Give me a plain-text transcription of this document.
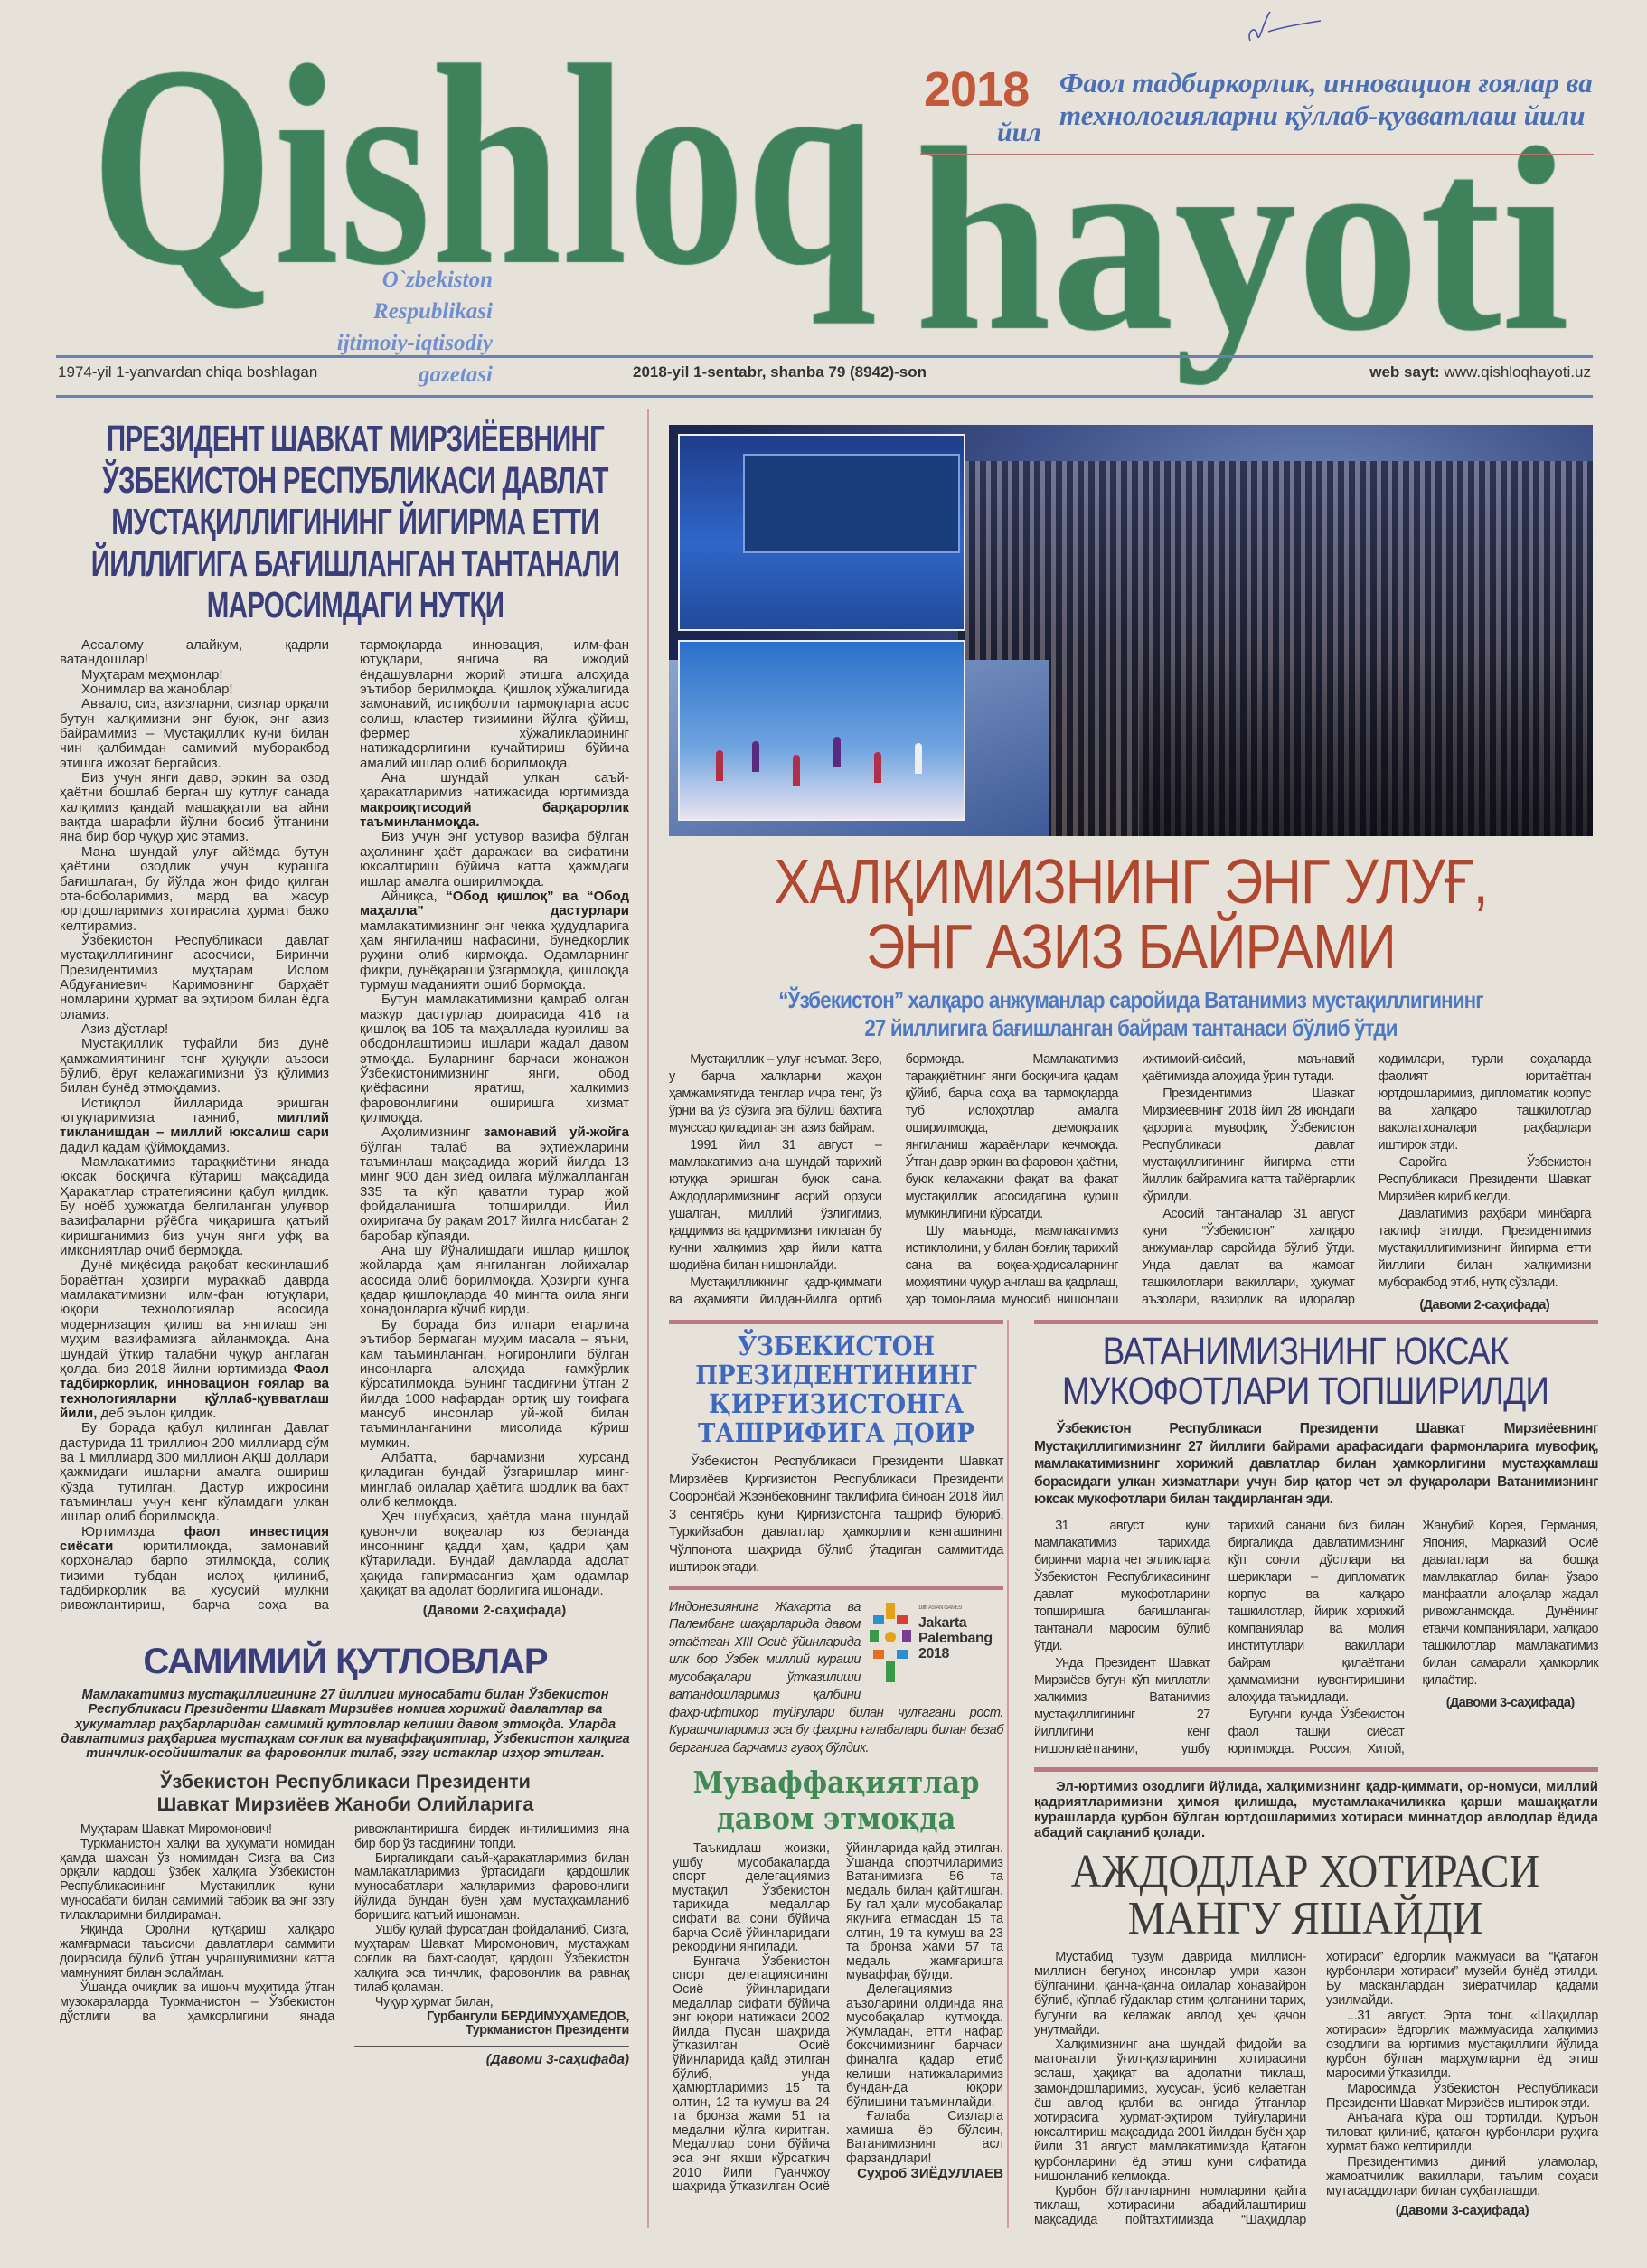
2018
йил
Фаол тадбиркорлик, инновацион ғоялар ва
технологияларни қўллаб-қувватлаш йили
O`zbekiston Respublikasi
ijtimoiy-iqtisodiy gazetasi
1974-yil 1-yanvardan chiqa boshlagan	2018-yil 1-sentabr, shanba 79 (8942)-son	web sayt: www.qishloqhayoti.uz
ПРЕЗИДЕНТ ШАВКАТ МИРЗИЁЕВНИНГ ЎЗБЕКИСТОН РЕСПУБЛИКАСИ ДАВЛАТ МУСТАҚИЛЛИГИНИНГ ЙИГИРМА ЕТТИ ЙИЛЛИГИГА БАҒИШЛАНГАН ТАНТАНАЛИ МАРОСИМДАГИ НУТҚИ

Ассалому алайкум, қадрли ватандошлар!

Муҳтарам меҳмонлар!

Хонимлар ва жаноблар!

Аввало, сиз, азизларни, сизлар орқали бутун халқимизни энг буюк, энг азиз байрамимиз – Мустақиллик куни билан чин қалбимдан самимий муборакбод этишга ижозат бергайсиз.

Биз учун янги давр, эркин ва озод ҳаётни бошлаб берган шу кутлуғ санада халқимиз қандай машаққатли ва айни вақтда шарафли йўлни босиб ўтганини яна бир бор чуқур ҳис этамиз.

Мана шундай улуғ айёмда бутун ҳаётини озодлик учун курашга бағишлаган, бу йўлда жон фидо қилган ота-боболаримиз, мард ва жасур юртдошларимиз хотирасига ҳурмат бажо келтирамиз.

Ўзбекистон Республикаси давлат мустақиллигининг асосчиси, Биринчи Президентимиз муҳтарам Ислом Абдуғаниевич Каримовнинг барҳаёт номларини ҳурмат ва эҳтиром билан ёдга оламиз.

Азиз дўстлар!

Мустақиллик туфайли биз дунё ҳамжамиятининг тенг ҳуқуқли аъзоси бўлиб, ёруғ келажагимизни ўз қўлимиз билан бунёд этмоқдамиз.

Истиқлол йилларида эришган ютуқларимизга таяниб, миллий тикланишдан – миллий юксалиш сари дадил қадам қўймоқдамиз.

Мамлакатимиз тараққиётини янада юксак босқичга кўтариш мақсадида Ҳаракатлар стратегиясини қабул қилдик. Бу ноёб ҳужжатда белгиланган улуғвор вазифаларни рўёбга чиқаришга қатъий киришганимиз биз учун янги уфқ ва имкониятлар очиб бермоқда.

Дунё миқёсида рақобат кескинлашиб бораётган ҳозирги мураккаб даврда мамлакатимизни илм-фан ютуқлари, юқори технологиялар асосида модернизация қилиш ва янгилаш энг муҳим вазифамизга айланмоқда. Ана шундай ўткир талабни чуқур англаган ҳолда, биз 2018 йилни юртимизда Фаол тадбиркорлик, инновацион ғоялар ва технологияларни қўллаб-қувватлаш йили, деб эълон қилдик.

Бу борада қабул қилинган Давлат дастурида 11 триллион 200 миллиард сўм ва 1 миллиард 300 миллион АҚШ доллари ҳажмидаги ишларни амалга ошириш кўзда тутилган. Дастур ижросини таъминлаш учун кенг кўламдаги улкан ишлар олиб борилмоқда.

Юртимизда фаол инвестиция сиёсати юритилмоқда, замонавий корхоналар барпо этилмоқда, солиқ тизими тубдан ислоҳ қилиниб, тадбиркорлик ва хусусий мулкни ривожлантириш, барча соҳа ва тармоқларда инновация, илм-фан ютуқлари, янгича ва ижодий ёндашувларни жорий этишга алоҳида эътибор берилмоқда. Қишлоқ хўжалигида замонавий, истиқболли тармоқларга асос солиш, кластер тизимини йўлга қўйиш, фермер хўжаликларининг натижадорлигини кучайтириш бўйича амалий ишлар олиб борилмоқда.

Ана шундай улкан саъй-ҳаракатларимиз натижасида юртимизда макроиқтисодий барқарорлик таъминланмоқда.

Биз учун энг устувор вазифа бўлган аҳолининг ҳаёт даражаси ва сифатини юксалтириш бўйича катта ҳажмдаги ишлар амалга оширилмоқда.

Айниқса, “Обод қишлоқ” ва “Обод маҳалла” дастурлари мамлакатимизнинг энг чекка ҳудудларига ҳам янгиланиш нафасини, бунёдкорлик руҳини олиб кирмоқда. Одамларнинг фикри, дунёқараши ўзгармоқда, қишлоқда турмуш маданияти ошиб бормоқда.

Бутун мамлакатимизни қамраб олган мазкур дастурлар доирасида 416 та қишлоқ ва 105 та маҳаллада қурилиш ва ободонлаштириш ишлари жадал давом этмоқда. Буларнинг барчаси жонажон Ўзбекистонимизнинг янги, обод қиёфасини яратиш, халқимиз фаровонлигини оширишга хизмат қилмоқда.

Аҳолимизнинг замонавий уй-жойга бўлган талаб ва эҳтиёжларини таъминлаш мақсадида жорий йилда 13 минг 900 дан зиёд оилага мўлжалланган 335 та кўп қаватли турар жой фойдаланишга топширилди. Йил охиригача бу рақам 2017 йилга нисбатан 2 баробар кўпаяди.

Ана шу йўналишдаги ишлар қишлоқ жойларда ҳам янгиланган лойиҳалар асосида олиб борилмоқда. Ҳозирги кунга қадар қишлоқларда 40 мингта оила янги хонадонларга кўчиб кирди.

Бу борада биз илгари етарлича эътибор бермаган муҳим масала – яъни, кам таъминланган, ногиронлиги бўлган инсонларга алоҳида ғамхўрлик кўрсатилмоқда. Бунинг тасдиғини ўтган 2 йилда 1000 нафардан ортиқ шу тоифага мансуб инсонлар уй-жой билан таъминланганини мисолида кўриш мумкин.

Албатта, барчамизни хурсанд қиладиган бундай ўзгаришлар минг-минглаб оилалар ҳаётига шодлик ва бахт олиб келмоқда.

Ҳеч шубҳасиз, ҳаётда мана шундай қувончли воқеалар юз берганда инсоннинг қадди ҳам, қадри ҳам кўтарилади. Бундай дамларда адолат ҳақида гапирмасангиз ҳам одамлар ҳақиқат ва адолат борлигига ишонади.

(Давоми 2-саҳифада)

САМИМИЙ ҚУТЛОВЛАР
Мамлакатимиз мустақиллигининг 27 йиллиги муносабати билан Ўзбекистон Республикаси Президенти Шавкат Мирзиёев номига хорижий давлатлар ва ҳукуматлар раҳбарларидан самимий қутловлар келиши давом этмоқда. Уларда давлатимиз раҳбарига мустаҳкам соғлик ва муваффақиятлар, Ўзбекистон халқига тинчлик-осойишталик ва фаровонлик тилаб, эзгу истаклар изҳор этилган.
Ўзбекистон Республикаси Президенти
Шавкат Мирзиёев Жаноби Олийларига

Муҳтарам Шавкат Миромонович!

Туркманистон халқи ва ҳукумати номидан ҳамда шахсан ўз номимдан Сизга ва Сиз орқали қардош ўзбек халқига Ўзбекистон Республикасининг Мустақиллик куни муносабати билан самимий табрик ва энг эзгу тилакларимни билдираман.

Яқинда Оролни қутқариш халқаро жамғармаси таъсисчи давлатлари саммити доирасида бўлиб ўтган учрашувимизни катта мамнуният билан эслайман.

Ўшанда очиқлик ва ишонч муҳитида ўтган музокараларда Туркманистон – Ўзбекистон дўстлиги ва ҳамкорлигини янада ривожлантиришга бирдек интилишимиз яна бир бор ўз тасдиғини топди.

Биргаликдаги саъй-ҳаракатларимиз билан мамлакатларимиз ўртасидаги қардошлик муносабатлари халқларимиз фаровонлиги йўлида бундан буён ҳам мустаҳкамланиб боришига қатъий ишонаман.

Ушбу қулай фурсатдан фойдаланиб, Сизга, муҳтарам Шавкат Миромонович, мустаҳкам соғлик ва бахт-саодат, қардош Ўзбекистон халқига эса тинчлик, фаровонлик ва равнақ тилаб қоламан.

Чуқур ҳурмат билан,

Гурбангули БЕРДИМУҲАМЕДОВ,

Туркманистон Президенти

(Давоми 3-саҳифада)
ХАЛҚИМИЗНИНГ ЭНГ УЛУҒ,
ЭНГ АЗИЗ БАЙРАМИ
“Ўзбекистон” халқаро анжуманлар саройида Ватанимиз мустақиллигининг
27 йиллигига бағишланган байрам тантанаси бўлиб ўтди

Мустақиллик – улуғ неъмат. Зеро, у барча халқларни жаҳон ҳамжамиятида тенглар ичра тенг, ўз ўрни ва ўз сўзига эга бўлиш бахтига муяссар қиладиган энг азиз байрам.

1991 йил 31 август – мамлакатимиз ана шундай тарихий ютуққа эришган буюк сана. Аждодларимизнинг асрий орзуси ушалган, миллий ўзлигимиз, қаддимиз ва қадримизни тиклаган бу кунни халқимиз ҳар йили катта шодиёна билан нишонлайди.

Мустақилликнинг қадр-қиммати ва аҳамияти йилдан-йилга ортиб бормоқда. Мамлакатимиз тараққиётнинг янги босқичига қадам қўйиб, барча соҳа ва тармоқларда туб ислоҳотлар амалга оширилмоқда, демократик янгиланиш жараёнлари кечмоқда. Ўтган давр эркин ва фаровон ҳаётни, буюк келажакни фақат ва фақат мустақиллик асосидагина қуриш мумкинлигини кўрсатди.

Шу маънода, мамлакатимиз истиқлолини, у билан боғлиқ тарихий сана ва воқеа-ҳодисаларнинг моҳиятини чуқур англаш ва қадрлаш, ҳар томонлама муносиб нишонлаш ижтимоий-сиёсий, маънавий ҳаётимизда алоҳида ўрин тутади.

Президентимиз Шавкат Мирзиёевнинг 2018 йил 28 июндаги қарорига мувофиқ, Ўзбекистон Республикаси давлат мустақиллигининг йигирма етти йиллик байрамига катта тайёргарлик кўрилди.

Асосий тантаналар 31 август куни “Ўзбекистон” халқаро анжуманлар саройида бўлиб ўтди. Унда давлат ва жамоат ташкилотлари вакиллари, ҳукумат аъзолари, вазирлик ва идоралар ходимлари, турли соҳаларда фаолият юритаётган юртдошларимиз, дипломатик корпус ва халқаро ташкилотлар ваколатхоналари раҳбарлари иштирок этди.

Саройга Ўзбекистон Республикаси Президенти Шавкат Мирзиёев кириб келди.

Давлатимиз раҳбари минбарга таклиф этилди. Президентимиз мустақиллигимизнинг йигирма етти йиллиги билан халқимизни муборакбод этиб, нутқ сўзлади.

(Давоми 2-саҳифада)

ЎЗБЕКИСТОН ПРЕЗИДЕНТИНИНГ ҚИРҒИЗИСТОНГА ТАШРИФИГА ДОИР

Ўзбекистон Республикаси Президенти Шавкат Мирзиёев Қирғизистон Республикаси Президенти Сооронбай Жээнбековнинг таклифига биноан 2018 йил 3 сентябрь куни Қирғизистонга ташриф буюриб, Туркийзабон давлатлар ҳамкорлиги кенгашининг Чўлпонота шаҳрида бўлиб ўтадиган саммитида иштирок этади.

18th ASIAN GAMES
Jakarta
Palembang
2018
Индонезиянинг Жакарта ва Палембанг шаҳарларида давом этаётган XIII Осиё ўйинларида илк бор Ўзбек миллий кураши мусобақалари ўтказилиши ватандошларимиз қалбини фахр-ифтихор туйғулари билан чулғагани рост. Курашчиларимиз эса бу фахрни ғалабалари билан безаб берганига барчамиз гувоҳ бўлдик.
Муваффақиятлар давом этмоқда

Таъкидлаш жоизки, ушбу мусобақаларда спорт делегациямиз мустақил Ўзбекистон тарихида медаллар сифати ва сони бўйича барча Осиё ўйинларидаги рекордини янгилади.

Бунгача Ўзбекистон спорт делегациясининг Осиё ўйинларидаги медаллар сифати бўйича энг юқори натижаси 2002 йилда Пусан шаҳрида ўтказилган Осиё ўйинларида қайд этилган бўлиб, унда ҳамюртларимиз 15 та олтин, 12 та кумуш ва 24 та бронза жами 51 та медални қўлга киритган. Медаллар сони бўйича эса энг яхши кўрсаткич 2010 йили Гуанчжоу шаҳрида ўтказилган Осиё ўйинларида қайд этилган. Ўшанда спортчиларимиз Ватанимизга 56 та медаль билан қайтишган. Бу гал ҳали мусобақалар якунига етмасдан 15 та олтин, 19 та кумуш ва 23 та бронза жами 57 та медаль жамғаришга муваффақ бўлди.

Делегациямиз аъзоларини олдинда яна мусобақалар кутмоқда. Жумладан, етти нафар боксчимизнинг барчаси финалга қадар етиб келиши натижаларимиз бундан-да юқори бўлишини таъминлайди.

Ғалаба Сизларга ҳамиша ёр бўлсин, Ватанимизнинг асл фарзандлари!

Суҳроб ЗИЁДУЛЛАЕВ

ВАТАНИМИЗНИНГ ЮКСАК
МУКОФОТЛАРИ ТОПШИРИЛДИ
Ўзбекистон Республикаси Президенти Шавкат Мирзиёевнинг Мустақиллигимизнинг 27 йиллиги байрами арафасидаги фармонларига мувофиқ, мамлакатимизнинг хорижий давлатлар билан ҳамкорлигини мустаҳкамлаш борасидаги улкан хизматлари учун бир қатор чет эл фуқаролари Ватанимизнинг юксак мукофотлари билан тақдирланган эди.

31 август куни мамлакатимиз тарихида биринчи марта чет элликларга Ўзбекистон Республикасининг давлат мукофотларини топширишга бағишланган тантанали маросим бўлиб ўтди.

Унда Президент Шавкат Мирзиёев бугун кўп миллатли халқимиз Ватанимиз мустақиллигининг 27 йиллигини кенг нишонлаётганини, ушбу тарихий санани биз билан биргаликда давлатимизнинг кўп сонли дўстлари ва шериклари – дипломатик корпус ва халқаро ташкилотлар, йирик хорижий компаниялар ва молия институтлари вакиллари байрам қилаётгани ҳаммамизни қувонтиришини алоҳида таъкидлади.

Бугунги кунда Ўзбекистон фаол ташқи сиёсат юритмоқда. Россия, Хитой, Жанубий Корея, Германия, Япония, Марказий Осиё давлатлари ва бошқа мамлакатлар билан ўзаро манфаатли алоқалар жадал ривожланмоқда. Дунёнинг етакчи компаниялари, халқаро ташкилотлар мамлакатимиз билан самарали ҳамкорлик қилаётир.

(Давоми 3-саҳифада)

Эл-юртимиз озодлиги йўлида, халқимизнинг қадр-қиммати, ор-номуси, миллий қадриятларимизни ҳимоя қилишда, мустамлакачиликка қарши машаққатли курашларда қурбон бўлган юртдошларимиз хотираси миннатдор авлодлар ёдида абадий сақланиб қолади.
АЖДОДЛАР ХОТИРАСИ
МАНГУ ЯШАЙДИ

Мустабид тузум даврида миллион-миллион бегуноҳ инсонлар умри хазон бўлганини, қанча-қанча оилалар хонавайрон бўлиб, кўплаб гўдаклар етим қолганини тарих, бугунги ва келажак авлод ҳеч қачон унутмайди.

Халқимизнинг ана шундай фидойи ва матонатли ўғил-қизларининг хотирасини эслаш, ҳақиқат ва адолатни тиклаш, замондошларимиз, хусусан, ўсиб келаётган ёш авлод қалби ва онгида ўтганлар хотирасига ҳурмат-эҳтиром туйғуларини юксалтириш мақсадида 2001 йилдан буён ҳар йили 31 август мамлакатимизда Қатағон қурбонларини ёд этиш куни сифатида нишонланиб келмоқда.

Қурбон бўлганларнинг номларини қайта тиклаш, хотирасини абадийлаштириш мақсадида пойтахтимизда “Шаҳидлар хотираси” ёдгорлик мажмуаси ва “Қатағон қурбонлари хотираси” музейи бунёд этилди. Бу масканлардан зиёратчилар қадами узилмайди.

...31 август. Эрта тонг. «Шаҳидлар хотираси» ёдгорлик мажмуасида халқимиз озодлиги ва юртимиз мустақиллиги йўлида қурбон бўлган марҳумларни ёд этиш маросими ўтказилди.

Маросимда Ўзбекистон Республикаси Президенти Шавкат Мирзиёев иштирок этди.

Анъанага кўра ош тортилди. Қуръон тиловат қилиниб, қатағон қурбонлари руҳига ҳурмат бажо келтирилди.

Президентимиз диний уламолар, жамоатчилик вакиллари, таълим соҳаси мутасаддилари билан суҳбатлашди.

(Давоми 3-саҳифада)
